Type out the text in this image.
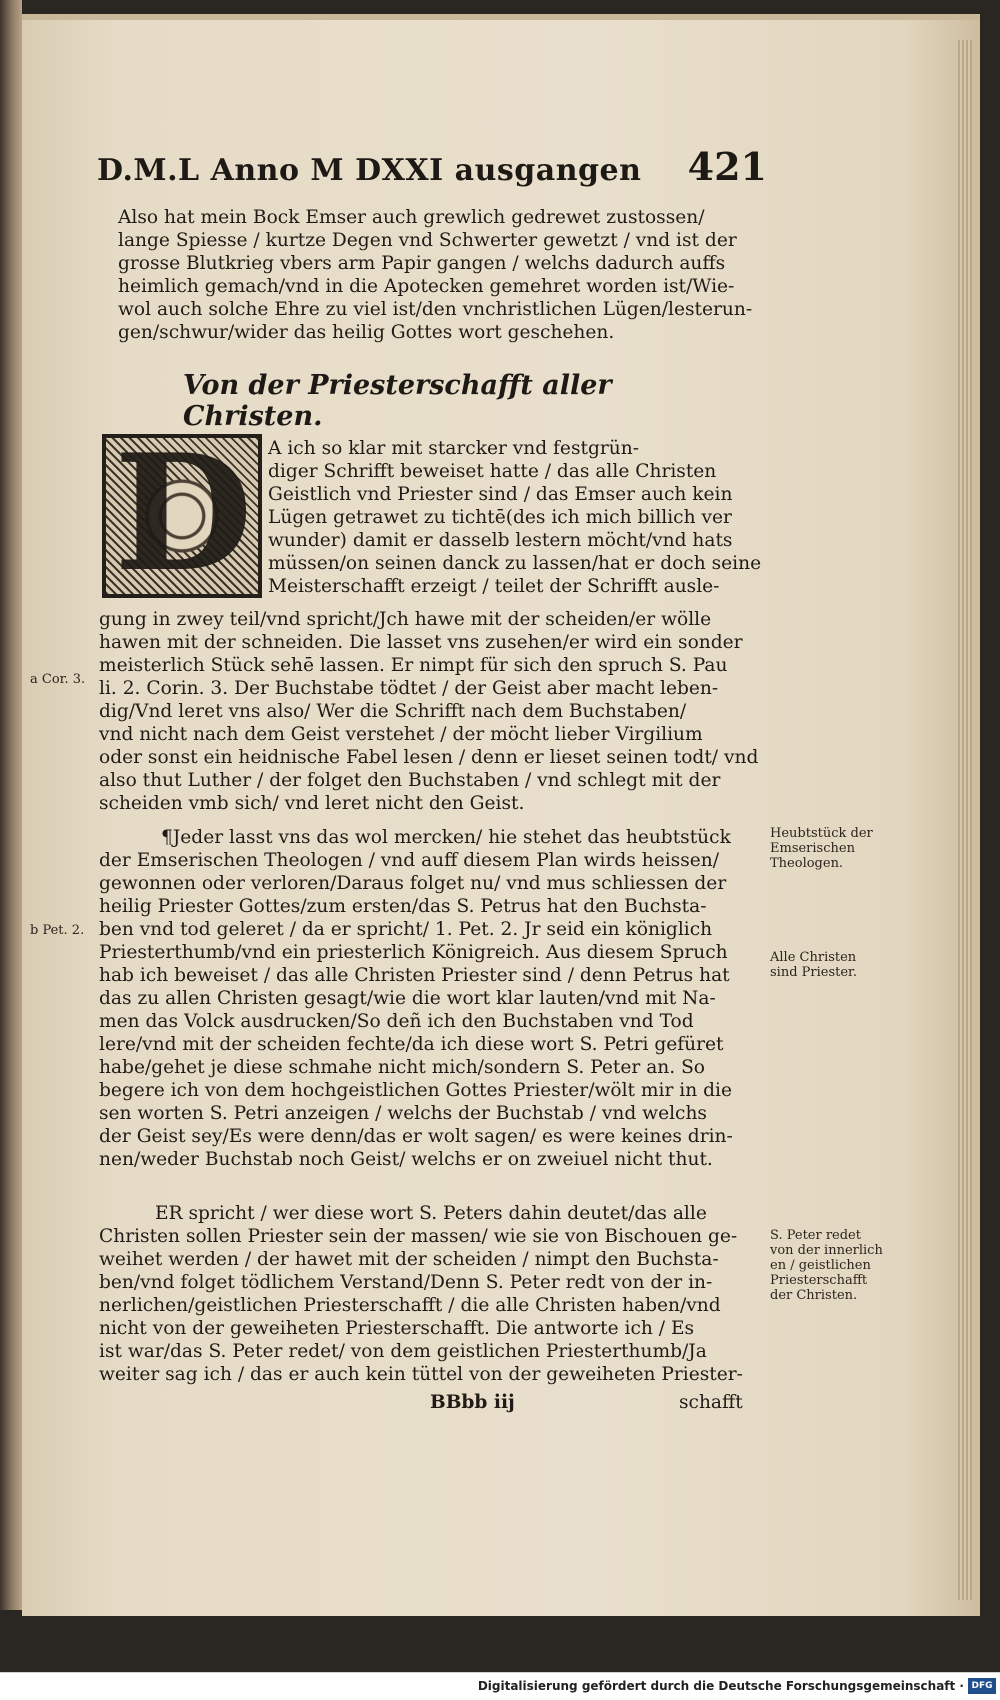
D.M.L Anno M DXXI ausgangen 421
Also hat mein Bock Emser auch grewlich gedrewet zustossen/
lange Spiesse / kurtze Degen vnd Schwerter gewetzt / vnd ist der
grosse Blutkrieg vbers arm Papir gangen / welchs dadurch auffs
heimlich gemach/vnd in die Apotecken gemehret worden ist/Wie-
wol auch solche Ehre zu viel ist/den vnchristlichen Lügen/lesterun-
gen/schwur/wider das heilig Gottes wort geschehen.
Von der Priesterschafft aller Christen.
D A ich so klar mit starcker vnd festgrün-
diger Schrifft beweiset hatte / das alle Christen
Geistlich vnd Priester sind / das Emser auch kein
Lügen getrawet zu tichtē(des ich mich billich ver
wunder) damit er dasselb lestern möcht/vnd hats
müssen/on seinen danck zu lassen/hat er doch seine
Meisterschafft erzeigt / teilet der Schrifft ausle-
gung in zwey teil/vnd spricht/Jch hawe mit der scheiden/er wölle
hawen mit der schneiden. Die lasset vns zusehen/er wird ein sonder
meisterlich Stück sehē lassen. Er nimpt für sich den spruch S. Pau
li. 2. Corin. 3. Der Buchstabe tödtet / der Geist aber macht leben-
dig/Vnd leret vns also/ Wer die Schrifft nach dem Buchstaben/
vnd nicht nach dem Geist verstehet / der möcht lieber Virgilium
oder sonst ein heidnische Fabel lesen / denn er lieset seinen todt/ vnd
also thut Luther / der folget den Buchstaben / vnd schlegt mit der
scheiden vmb sich/ vnd leret nicht den Geist.
¶Jeder lasst vns das wol mercken/ hie stehet das heubtstück
der Emserischen Theologen / vnd auff diesem Plan wirds heissen/
gewonnen oder verloren/Daraus folget nu/ vnd mus schliessen der
heilig Priester Gottes/zum ersten/das S. Petrus hat den Buchsta-
ben vnd tod geleret / da er spricht/ 1. Pet. 2. Jr seid ein königlich
Priesterthumb/vnd ein priesterlich Königreich. Aus diesem Spruch
hab ich beweiset / das alle Christen Priester sind / denn Petrus hat
das zu allen Christen gesagt/wie die wort klar lauten/vnd mit Na-
men das Volck ausdrucken/So deñ ich den Buchstaben vnd Tod
lere/vnd mit der scheiden fechte/da ich diese wort S. Petri gefüret
habe/gehet je diese schmahe nicht mich/sondern S. Peter an. So
begere ich von dem hochgeistlichen Gottes Priester/wölt mir in die
sen worten S. Petri anzeigen / welchs der Buchstab / vnd welchs
der Geist sey/Es were denn/das er wolt sagen/ es were keines drin-
nen/weder Buchstab noch Geist/ welchs er on zweiuel nicht thut.
ER spricht / wer diese wort S. Peters dahin deutet/das alle
Christen sollen Priester sein der massen/ wie sie von Bischouen ge-
weihet werden / der hawet mit der scheiden / nimpt den Buchsta-
ben/vnd folget tödlichem Verstand/Denn S. Peter redt von der in-
nerlichen/geistlichen Priesterschafft / die alle Christen haben/vnd
nicht von der geweiheten Priesterschafft. Die antworte ich / Es
ist war/das S. Peter redet/ von dem geistlichen Priesterthumb/Ja
weiter sag ich / das er auch kein tüttel von der geweiheten Priester-
BBbb iij	schafft
a Cor. 3.
b Pet. 2.
Heubtstück der
Emserischen
Theologen.
Alle Christen
sind Priester.
S. Peter redet
von der innerlich
en / geistlichen
Priesterschafft
der Christen.
Digitalisierung gefördert durch die Deutsche Forschungsgemeinschaft · DFG
